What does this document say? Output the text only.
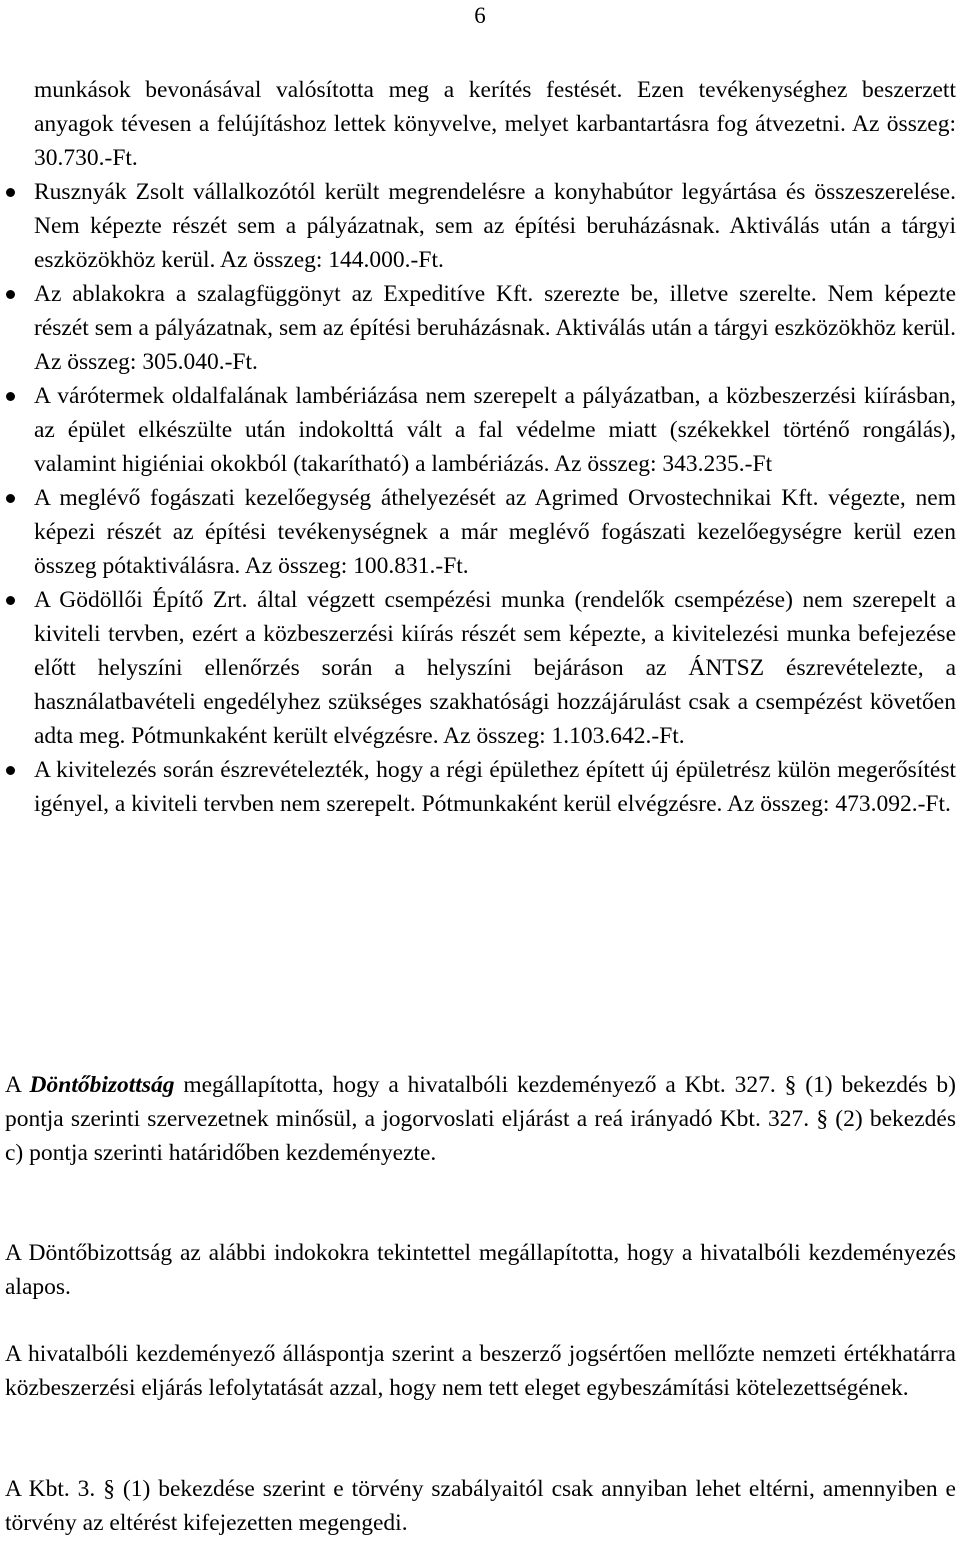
6

munkások bevonásával valósította meg a kerítés festését. Ezen tevékenységhez beszerzett anyagok tévesen a felújításhoz lettek könyvelve, melyet karbantartásra fog átvezetni. Az összeg: 30.730.-Ft.

Rusznyák Zsolt vállalkozótól került megrendelésre a konyhabútor legyártása és összeszerelése. Nem képezte részét sem a pályázatnak, sem az építési beruházásnak. Aktiválás után a tárgyi eszközökhöz kerül. Az összeg: 144.000.-Ft.
Az ablakokra a szalagfüggönyt az Expeditíve Kft. szerezte be, illetve szerelte. Nem képezte részét sem a pályázatnak, sem az építési beruházásnak. Aktiválás után a tárgyi eszközökhöz kerül. Az összeg: 305.040.-Ft.
A várótermek oldalfalának lambériázása nem szerepelt a pályázatban, a közbeszerzési kiírásban, az épület elkészülte után indokolttá vált a fal védelme miatt (székekkel történő rongálás), valamint higiéniai okokból (takarítható) a lambériázás. Az összeg: 343.235.-Ft
A meglévő fogászati kezelőegység áthelyezését az Agrimed Orvostechnikai Kft. végezte, nem képezi részét az építési tevékenységnek a már meglévő fogászati kezelőegységre kerül ezen összeg pótaktiválásra. Az összeg: 100.831.-Ft.
A Gödöllői Építő Zrt. által végzett csempézési munka (rendelők csempézése) nem szerepelt a kiviteli tervben, ezért a közbeszerzési kiírás részét sem képezte, a kivitelezési munka befejezése előtt helyszíni ellenőrzés során a helyszíni bejáráson az ÁNTSZ észrevételezte, a használatbavételi engedélyhez szükséges szakhatósági hozzájárulást csak a csempézést követően adta meg. Pótmunkaként került elvégzésre. Az összeg: 1.103.642.-Ft.
A kivitelezés során észrevételezték, hogy a régi épülethez épített új épületrész külön megerősítést igényel, a kiviteli tervben nem szerepelt. Pótmunkaként kerül elvégzésre. Az összeg: 473.092.-Ft.

A Döntőbizottság megállapította, hogy a hivatalbóli kezdeményező a Kbt. 327. § (1) bekezdés b) pontja szerinti szervezetnek minősül, a jogorvoslati eljárást a reá irányadó Kbt. 327. § (2) bekezdés c) pontja szerinti határidőben kezdeményezte.

A Döntőbizottság az alábbi indokokra tekintettel megállapította, hogy a hivatalbóli kezdeményezés alapos.

A hivatalbóli kezdeményező álláspontja szerint a beszerző jogsértően mellőzte nemzeti értékhatárra közbeszerzési eljárás lefolytatását azzal, hogy nem tett eleget egybeszámítási kötelezettségének.

A Kbt. 3. § (1) bekezdése szerint e törvény szabályaitól csak annyiban lehet eltérni, amennyiben e törvény az eltérést kifejezetten megengedi.
